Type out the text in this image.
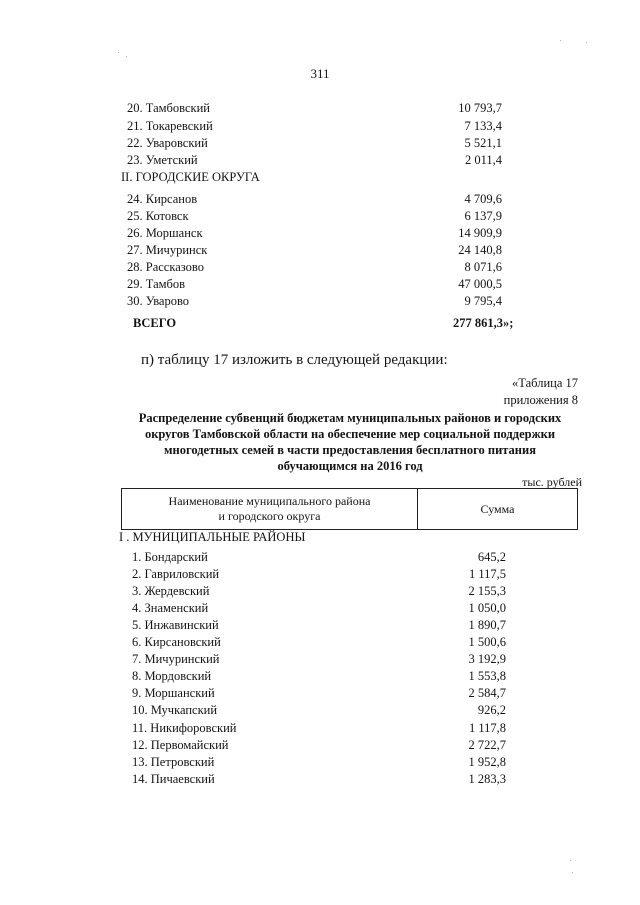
311
20. Тамбовский	10 793,7
21. Токаревский	7 133,4
22. Уваровский	5 521,1
23. Уметский	2 011,4
II. ГОРОДСКИЕ ОКРУГА
24. Кирсанов	4 709,6
25. Котовск	6 137,9
26. Моршанск	14 909,9
27. Мичуринск	24 140,8
28. Рассказово	8 071,6
29. Тамбов	47 000,5
30. Уварово	9 795,4
ВСЕГО	277 861,3»;
п) таблицу 17 изложить в следующей редакции:
«Таблица 17
приложения 8
Распределение субвенций бюджетам муниципальных районов и городских
округов Тамбовской области на обеспечение мер социальной поддержки
многодетных семей в части предоставления бесплатного питания
обучающимся на 2016 год
тыс. рублей
Наименование муниципального района
и городского округа
	Сумма
I . МУНИЦИПАЛЬНЫЕ РАЙОНЫ
1. Бондарский	645,2
2. Гавриловский	1 117,5
3. Жердевский	2 155,3
4. Знаменский	1 050,0
5. Инжавинский	1 890,7
6. Кирсановский	1 500,6
7. Мичуринский	3 192,9
8. Мордовский	1 553,8
9. Моршанский	2 584,7
10. Мучкапский	926,2
11. Никифоровский	1 117,8
12. Первомайский	2 722,7
13. Петровский	1 952,8
14. Пичаевский	1 283,3
